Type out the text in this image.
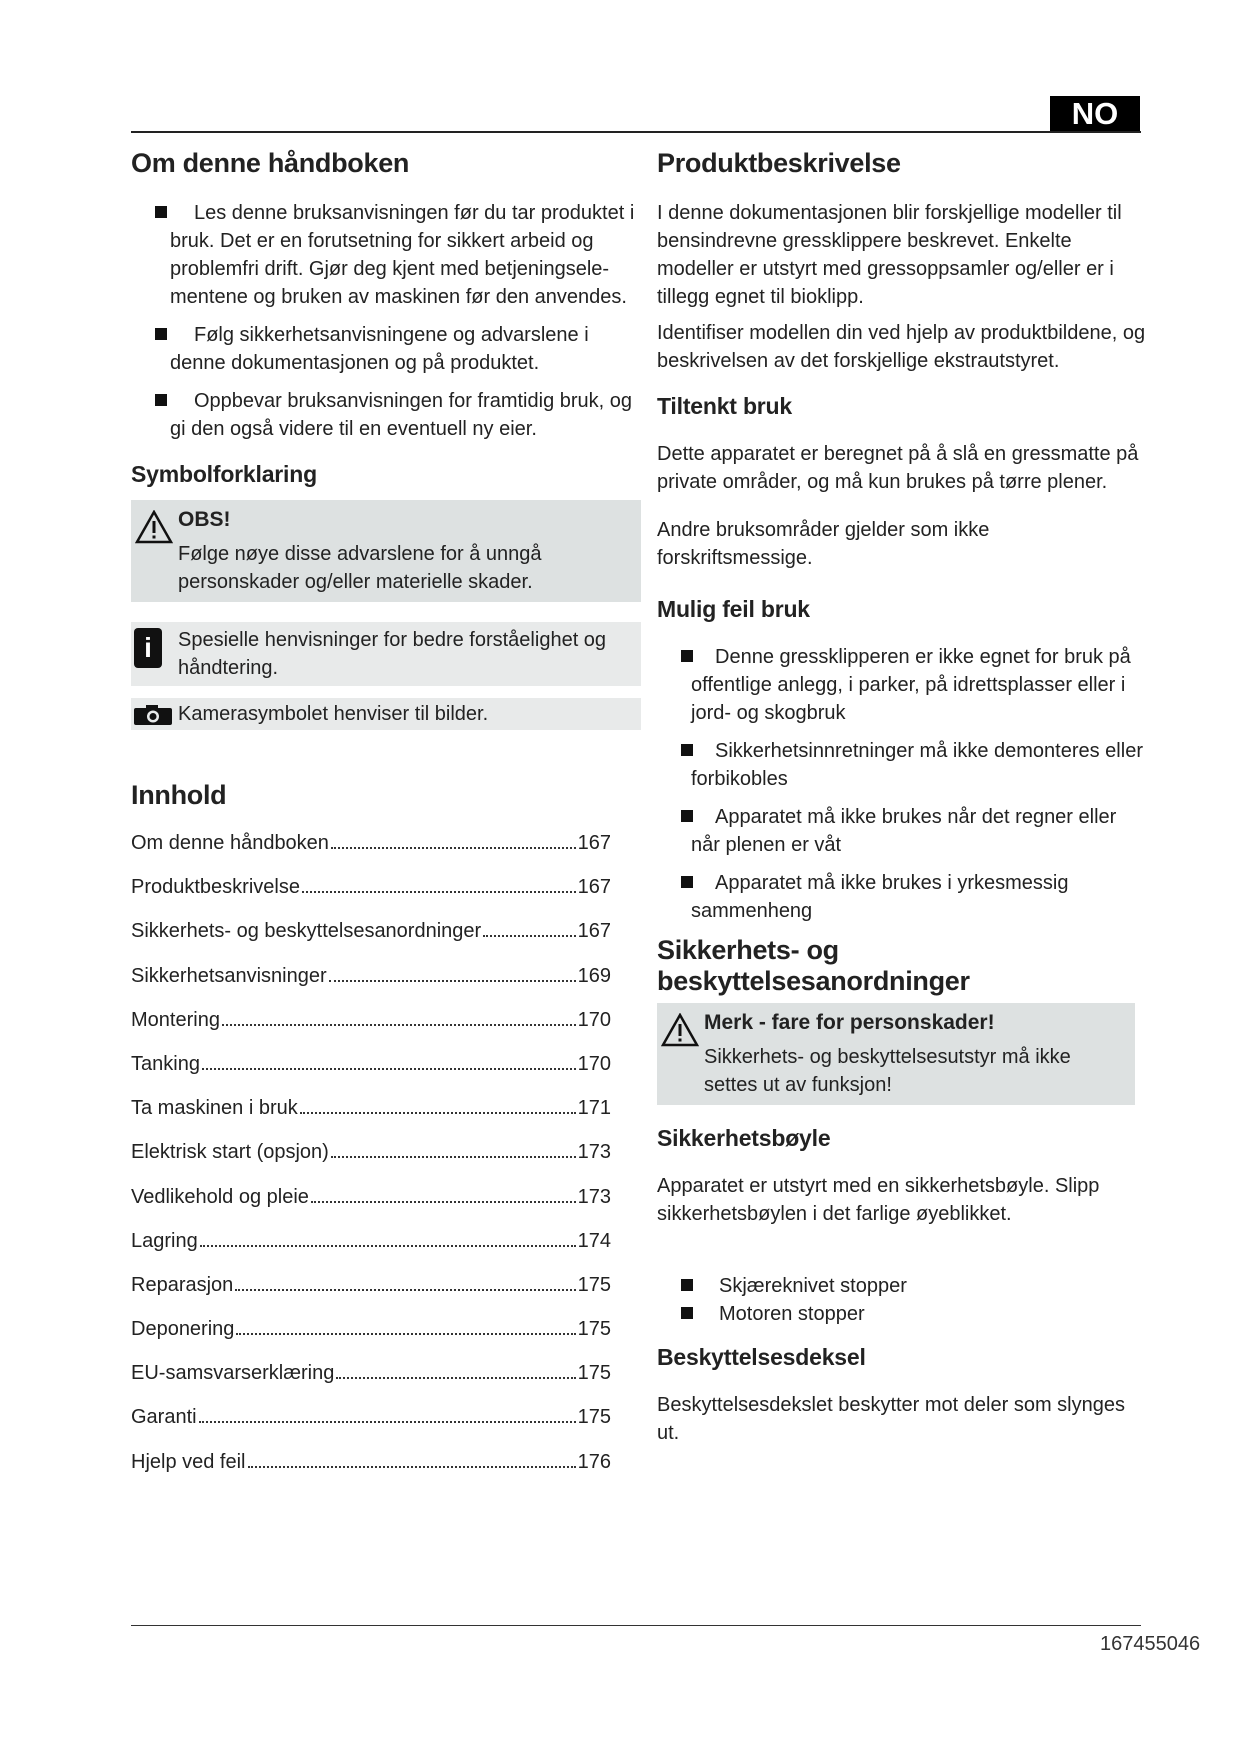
NO
Om denne håndboken
Les denne bruksanvisningen før du tar produktet i bruk. Det er en forutsetning for sikkert arbeid og problemfri drift. Gjør deg kjent med betjeningsele-mentene og bruken av maskinen før den anvendes.
Følg sikkerhetsanvisningene og advarslene i denne dokumentasjonen og på produktet.
Oppbevar bruksanvisningen for framtidig bruk, og gi den også videre til en eventuell ny eier.
Symbolforklaring
OBS!
Følge nøye disse advarslene for å unngå personskader og/eller materielle skader.
i	Spesielle henvisninger for bedre forståelighet og håndtering.
Kamerasymbolet henviser til bilder.
Innhold
Om denne håndboken	167
Produktbeskrivelse	167
Sikkerhets- og beskyttelsesanordninger	167
Sikkerhetsanvisninger	169
Montering	170
Tanking	170
Ta maskinen i bruk	171
Elektrisk start (opsjon)	173
Vedlikehold og pleie	173
Lagring	174
Reparasjon	175
Deponering	175
EU-samsvarserklæring	175
Garanti	175
Hjelp ved feil	176
Produktbeskrivelse

I denne dokumentasjonen blir forskjellige modeller til bensindrevne gressklippere beskrevet. Enkelte modeller er utstyrt med gressoppsamler og/eller er i tillegg egnet til bioklipp.

Identifiser modellen din ved hjelp av produktbildene, og beskrivelsen av det forskjellige ekstrautstyret.

Tiltenkt bruk

Dette apparatet er beregnet på å slå en gressmatte på private områder, og må kun brukes på tørre plener.

Andre bruksområder gjelder som ikke forskriftsmessige.

Mulig feil bruk
Denne gressklipperen er ikke egnet for bruk på offentlige anlegg, i parker, på idrettsplasser eller i jord- og skogbruk
Sikkerhetsinnretninger må ikke demonteres eller forbikobles
Apparatet må ikke brukes når det regner eller når plenen er våt
Apparatet må ikke brukes i yrkesmessig sammenheng
Sikkerhets- og beskyttelsesanordninger
Merk - fare for personskader!
Sikkerhets- og beskyttelsesutstyr må ikke settes ut av funksjon!
Sikkerhetsbøyle

Apparatet er utstyrt med en sikkerhetsbøyle. Slipp sikkerhetsbøylen i det farlige øyeblikket.

Skjæreknivet stopper
Motoren stopper
Beskyttelsesdeksel

Beskyttelsesdekslet beskytter mot deler som slynges ut.

167455046
